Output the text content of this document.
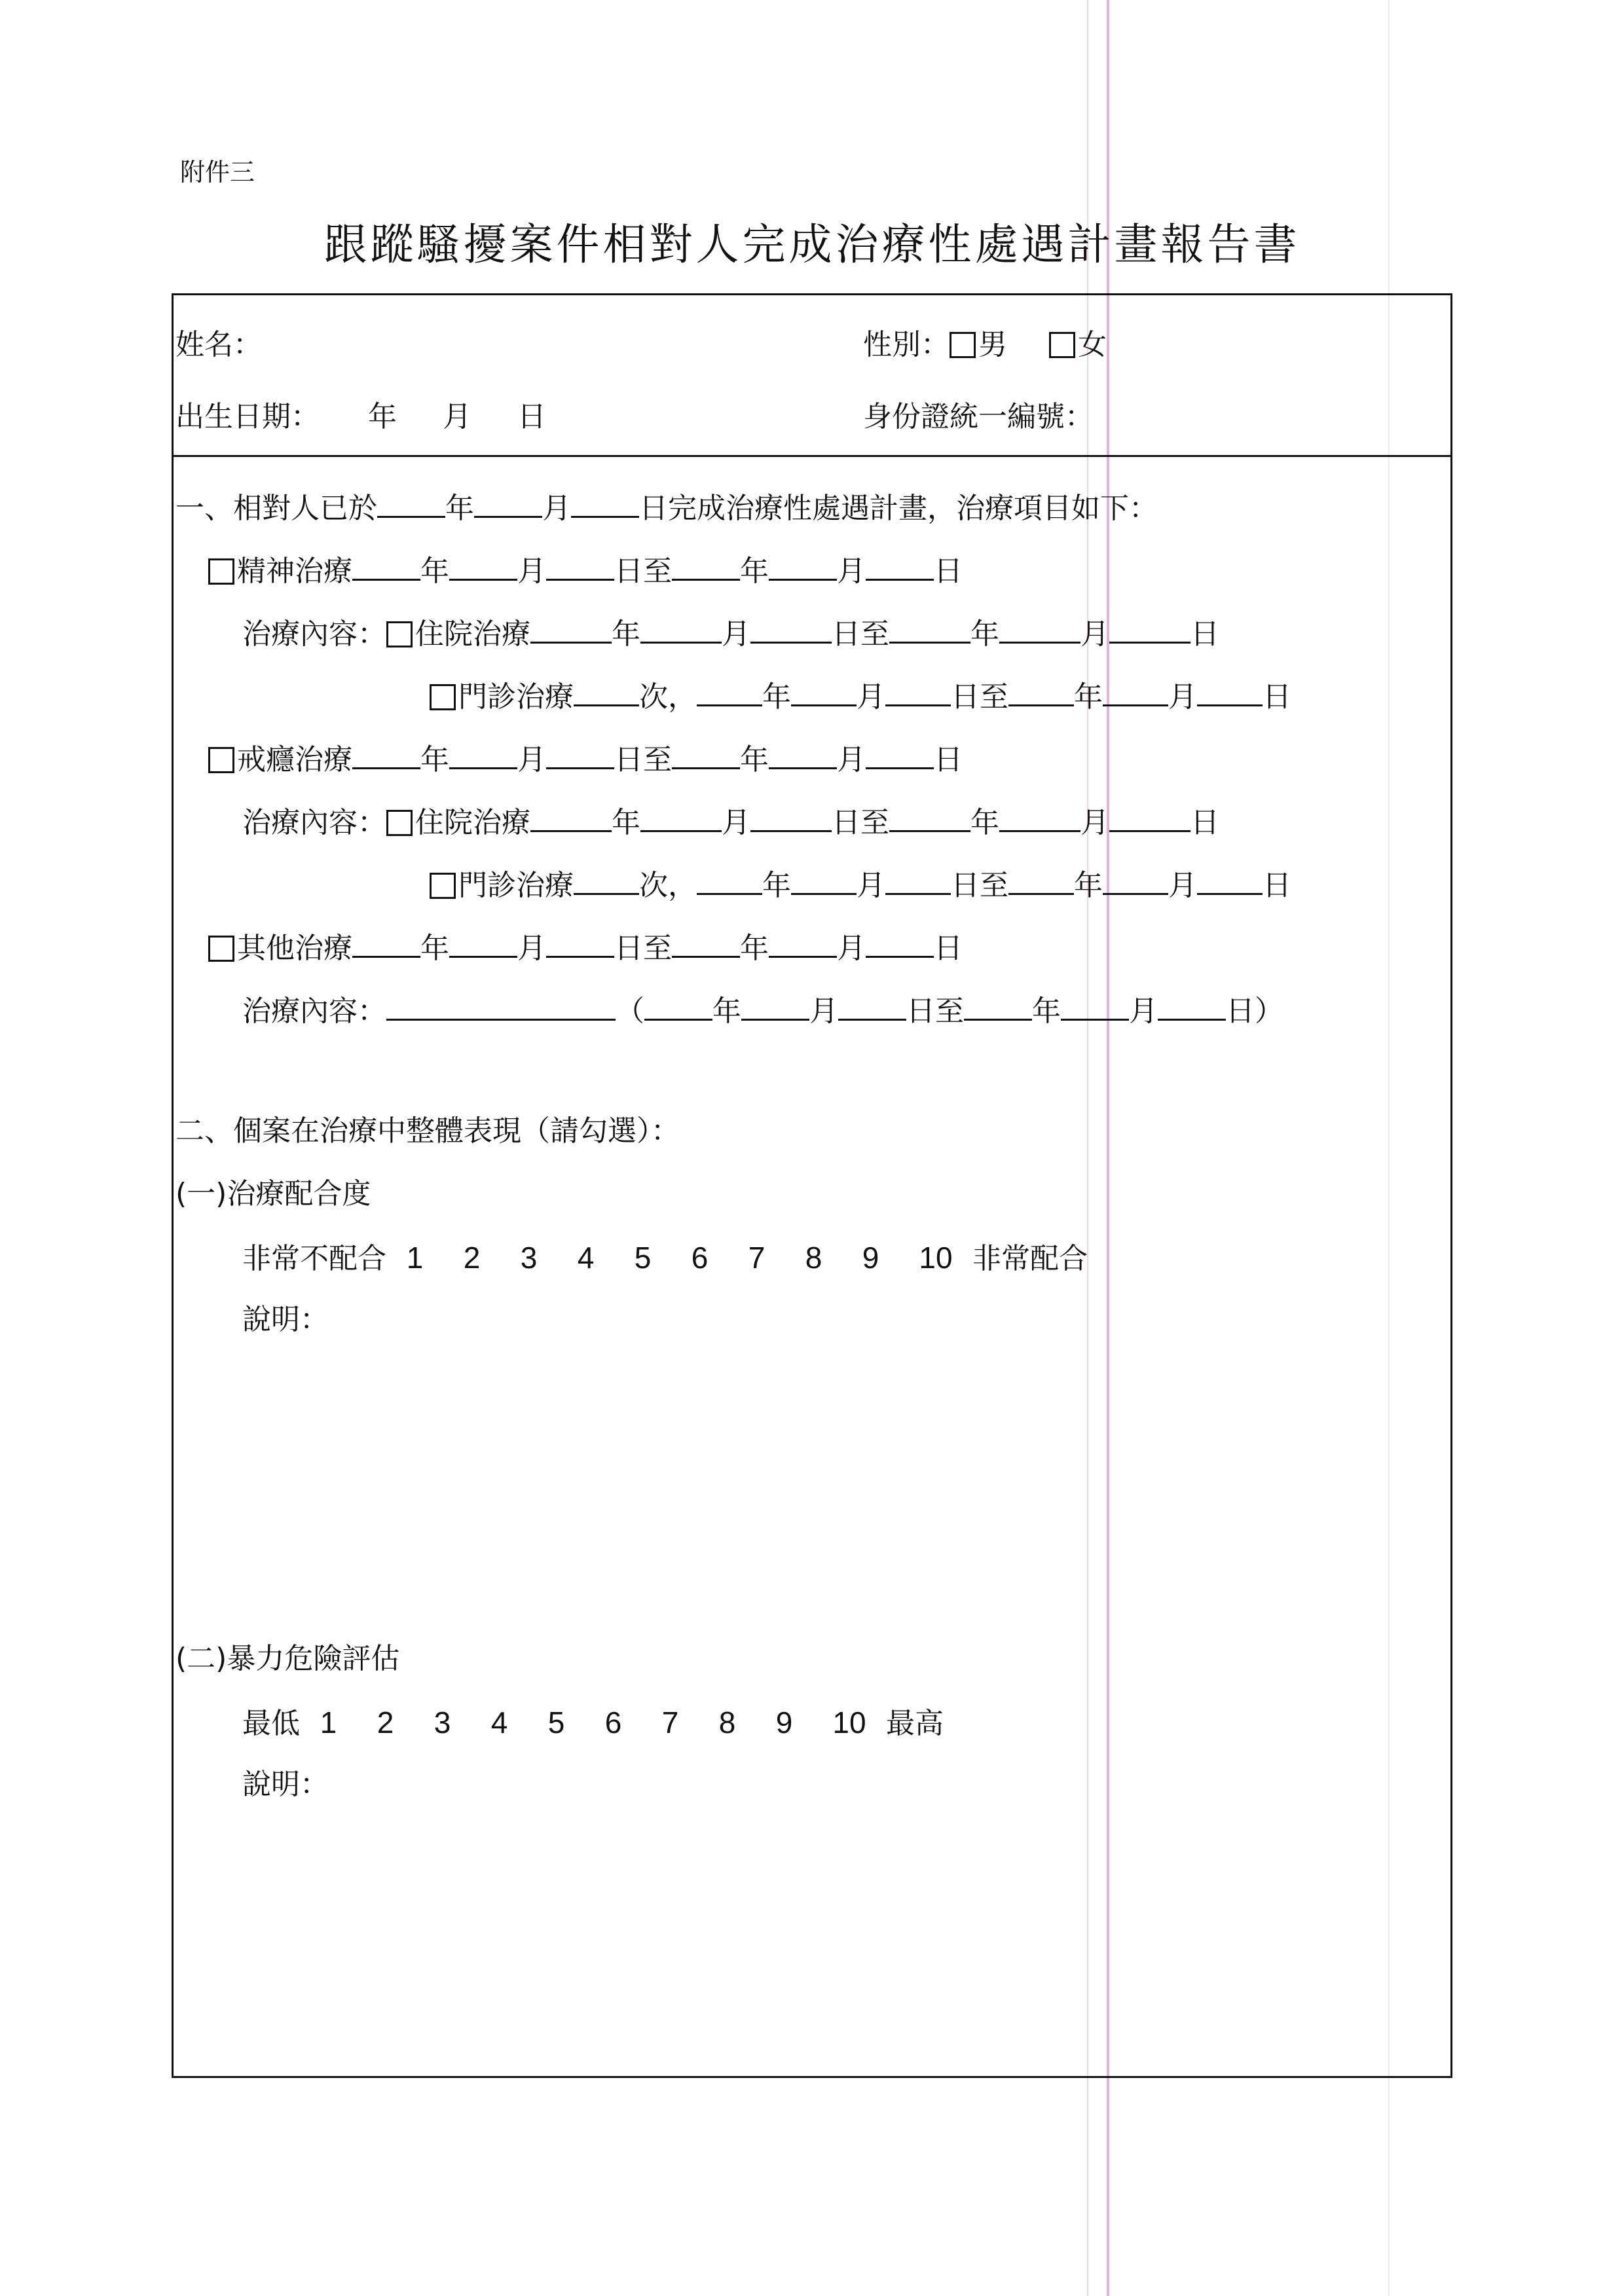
附件三
跟蹤騷擾案件相對人完成治療性處遇計畫報告書
姓名：	性別： 男 女
出生日期： 年 月 日	身份證統一編號：
一、相對人已於 年 月 日完成治療性處遇計畫，治療項目如下：
精神治療 年 月 日至 年 月 日
治療內容： 住院治療	年	月	日至	年	月	日
門診治療 次， 年 月 日至 年 月 日
戒癮治療 年 月 日至 年 月 日
治療內容： 住院治療	年	月	日至	年	月	日
門診治療 次， 年 月 日至 年 月 日
其他治療 年 月 日至 年 月 日
治療內容：	（ 年 月 日至 年 月 日）
二、個案在治療中整體表現（請勾選）：
(一)治療配合度
非常不配合 1 2 3 4 5 6 7 8 9 10 非常配合
說明：
(二)暴力危險評估
最低 1 2 3 4 5 6 7 8 9 10 最高
說明：
